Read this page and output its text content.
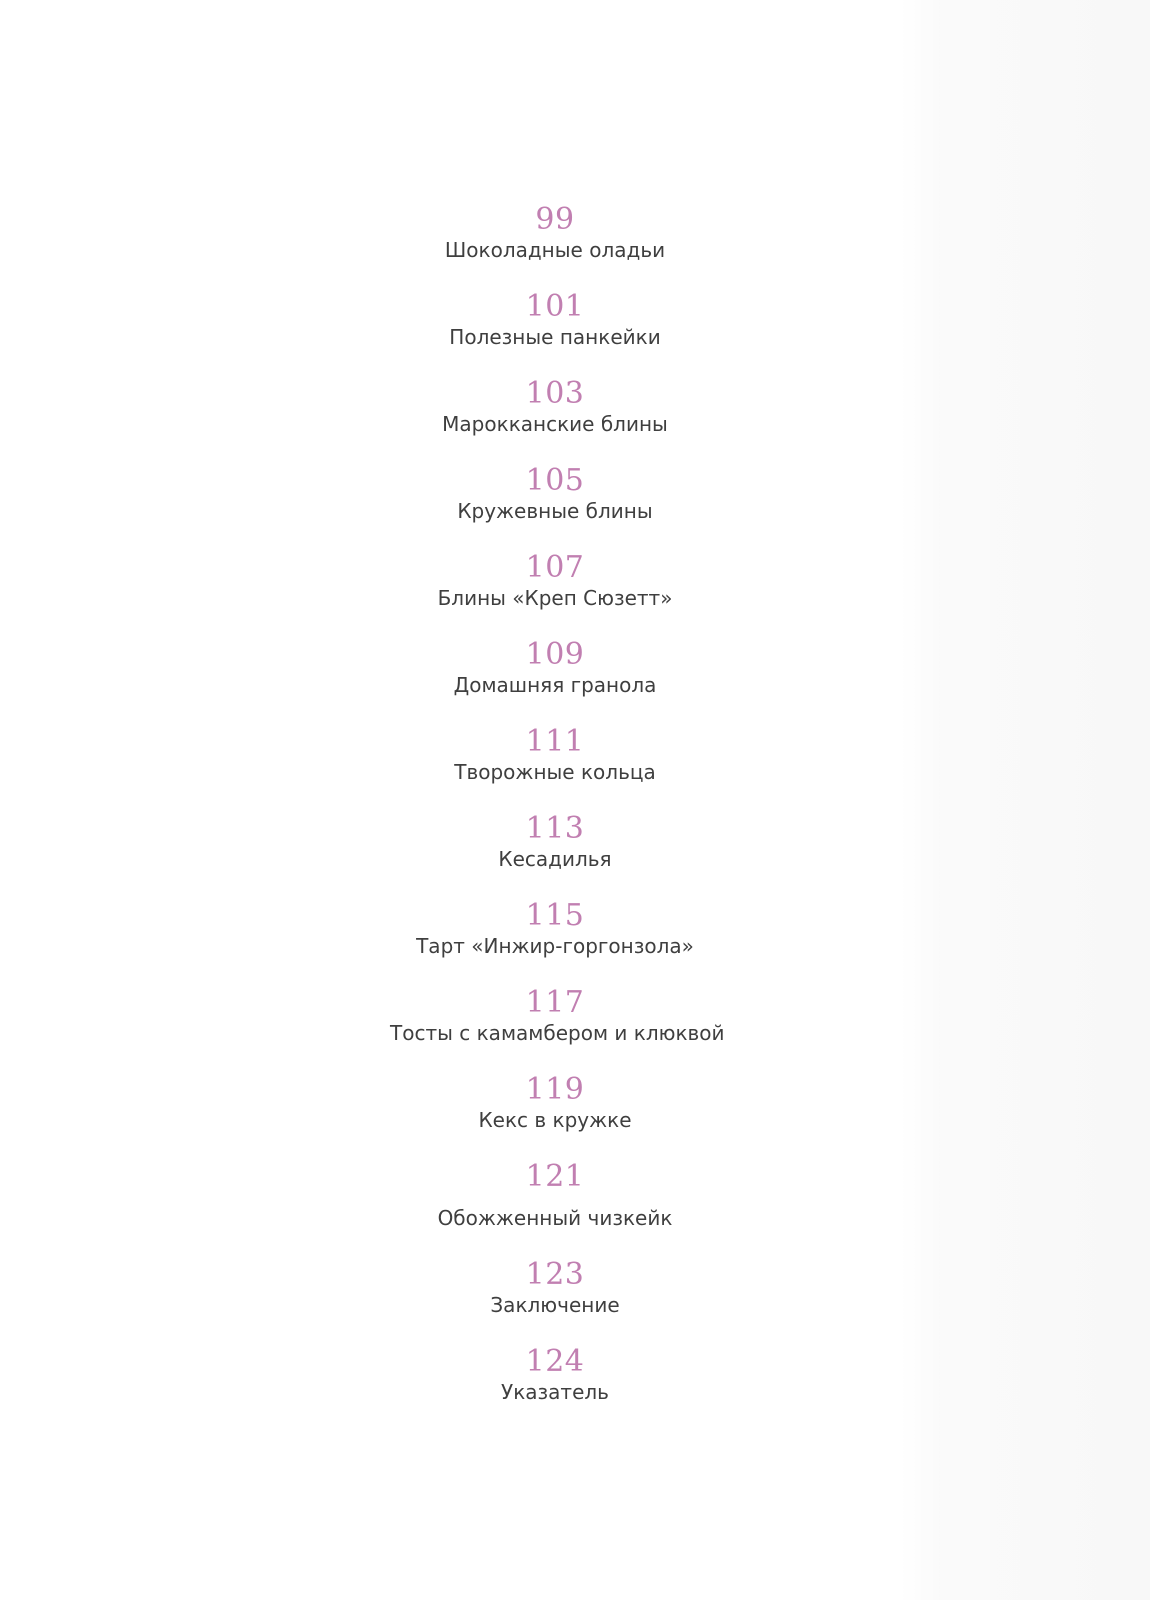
99
Шоколадные оладьи
101
Полезные панкейки
103
Марокканские блины
105
Кружевные блины
107
Блины «Креп Сюзетт»
109
Домашняя гранола
111
Творожные кольца
113
Кесадилья
115
Тарт «Инжир-горгонзола»
117
Тосты с камамбером и клюквой
119
Кекс в кружке
121
Обожженный чизкейк
123
Заключение
124
Указатель
